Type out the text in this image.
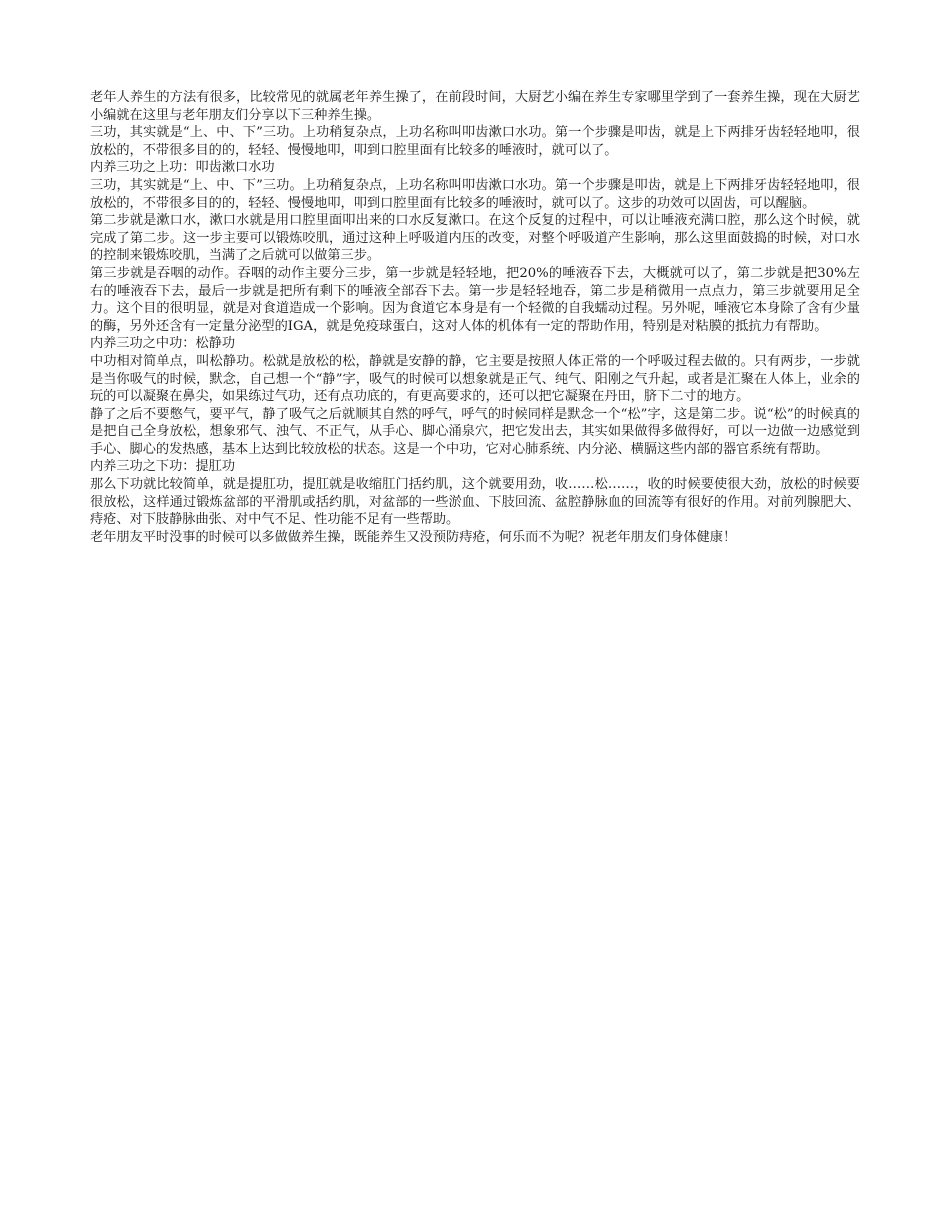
老年人养生的方法有很多，比较常见的就属老年养生操了，在前段时间，大厨艺小编在养生专家哪里学到了一套养生操，现在大厨艺小编就在这里与老年朋友们分享以下三种养生操。

三功，其实就是“上、中、下”三功。上功稍复杂点，上功名称叫叩齿漱口水功。第一个步骤是叩齿，就是上下两排牙齿轻轻地叩，很放松的，不带很多目的的，轻轻、慢慢地叩，叩到口腔里面有比较多的唾液时，就可以了。

内养三功之上功：叩齿漱口水功

三功，其实就是“上、中、下”三功。上功稍复杂点，上功名称叫叩齿漱口水功。第一个步骤是叩齿，就是上下两排牙齿轻轻地叩，很放松的，不带很多目的的，轻轻、慢慢地叩，叩到口腔里面有比较多的唾液时，就可以了。这步的功效可以固齿，可以醒脑。

第二步就是漱口水，漱口水就是用口腔里面叩出来的口水反复漱口。在这个反复的过程中，可以让唾液充满口腔，那么这个时候，就完成了第二步。这一步主要可以锻炼咬肌，通过这种上呼吸道内压的改变，对整个呼吸道产生影响，那么这里面鼓捣的时候，对口水的控制来锻炼咬肌，当满了之后就可以做第三步。

第三步就是吞咽的动作。吞咽的动作主要分三步，第一步就是轻轻地，把20%的唾液吞下去，大概就可以了，第二步就是把30%左右的唾液吞下去，最后一步就是把所有剩下的唾液全部吞下去。第一步是轻轻地吞，第二步是稍微用一点点力，第三步就要用足全力。这个目的很明显，就是对食道造成一个影响。因为食道它本身是有一个轻微的自我蠕动过程。另外呢，唾液它本身除了含有少量的酶，另外还含有一定量分泌型的IGA，就是免疫球蛋白，这对人体的机体有一定的帮助作用，特别是对粘膜的抵抗力有帮助。

内养三功之中功：松静功

中功相对简单点，叫松静功。松就是放松的松，静就是安静的静，它主要是按照人体正常的一个呼吸过程去做的。只有两步，一步就是当你吸气的时候，默念，自己想一个“静”字，吸气的时候可以想象就是正气、纯气、阳刚之气升起，或者是汇聚在人体上，业余的玩的可以凝聚在鼻尖，如果练过气功，还有点功底的，有更高要求的，还可以把它凝聚在丹田，脐下二寸的地方。

静了之后不要憋气，要平气，静了吸气之后就顺其自然的呼气，呼气的时候同样是默念一个“松”字，这是第二步。说“松”的时候真的是把自己全身放松，想象邪气、浊气、不正气，从手心、脚心涌泉穴，把它发出去，其实如果做得多做得好，可以一边做一边感觉到手心、脚心的发热感，基本上达到比较放松的状态。这是一个中功，它对心肺系统、内分泌、横膈这些内部的器官系统有帮助。

内养三功之下功：提肛功

那么下功就比较简单，就是提肛功，提肛就是收缩肛门括约肌，这个就要用劲，收……松……，收的时候要使很大劲，放松的时候要很放松，这样通过锻炼盆部的平滑肌或括约肌，对盆部的一些淤血、下肢回流、盆腔静脉血的回流等有很好的作用。对前列腺肥大、痔疮、对下肢静脉曲张、对中气不足、性功能不足有一些帮助。

老年朋友平时没事的时候可以多做做养生操，既能养生又没预防痔疮，何乐而不为呢？祝老年朋友们身体健康！
